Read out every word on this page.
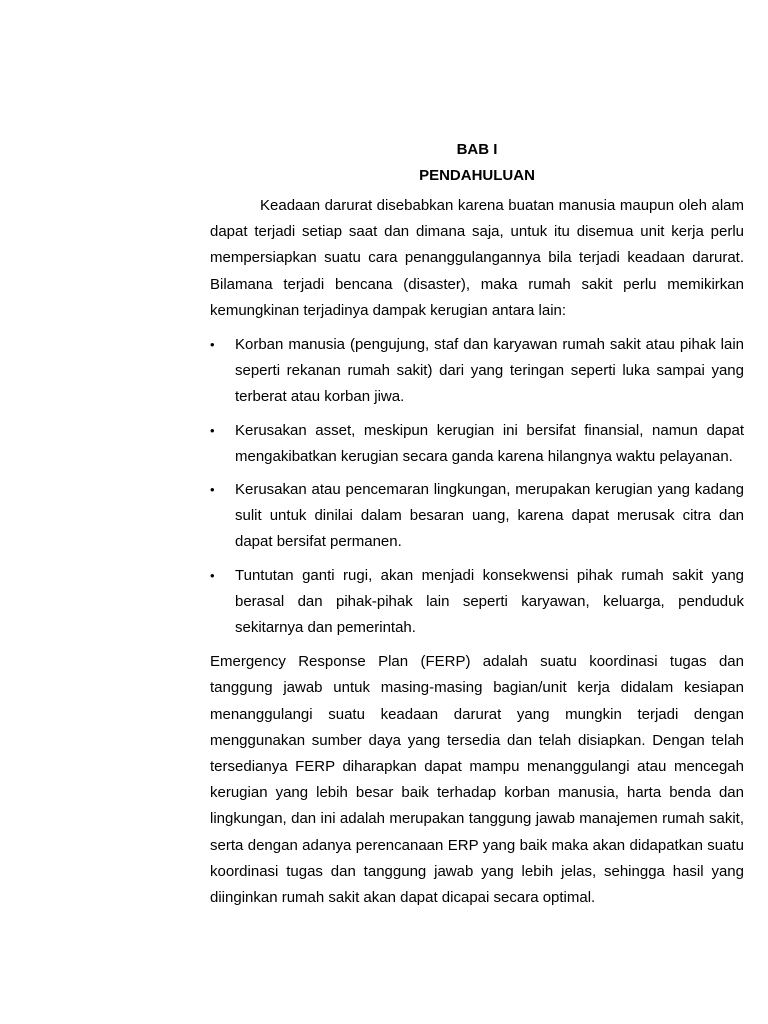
BAB I
PENDAHULUAN

Keadaan darurat disebabkan karena buatan manusia maupun oleh alam dapat terjadi setiap saat dan dimana saja, untuk itu disemua unit kerja perlu mempersiapkan suatu cara penanggulangannya bila terjadi keadaan darurat. Bilamana terjadi bencana (disaster), maka rumah sakit perlu memikirkan kemungkinan terjadinya dampak kerugian antara lain:

•	Korban manusia (pengujung, staf dan karyawan rumah sakit atau pihak lain seperti rekanan rumah sakit) dari yang teringan seperti luka sampai yang terberat atau korban jiwa.
•	Kerusakan asset, meskipun kerugian ini bersifat finansial, namun dapat mengakibatkan kerugian secara ganda karena hilangnya waktu pelayanan.
•	Kerusakan atau pencemaran lingkungan, merupakan kerugian yang kadang sulit untuk dinilai dalam besaran uang, karena dapat merusak citra dan dapat bersifat permanen.
•	Tuntutan ganti rugi, akan menjadi konsekwensi pihak rumah sakit yang berasal dan pihak-pihak lain seperti karyawan, keluarga, penduduk sekitarnya dan pemerintah.

Emergency Response Plan (FERP) adalah suatu koordinasi tugas dan tanggung jawab untuk masing-masing bagian/unit kerja didalam kesiapan menanggulangi suatu keadaan darurat yang mungkin terjadi dengan menggunakan sumber daya yang tersedia dan telah disiapkan. Dengan telah tersedianya FERP diharapkan dapat mampu menanggulangi atau mencegah kerugian yang lebih besar baik terhadap korban manusia, harta benda dan lingkungan, dan ini adalah merupakan tanggung jawab manajemen rumah sakit, serta dengan adanya perencanaan ERP yang baik maka akan didapatkan suatu koordinasi tugas dan tanggung jawab yang lebih jelas, sehingga hasil yang diinginkan rumah sakit akan dapat dicapai secara optimal.
